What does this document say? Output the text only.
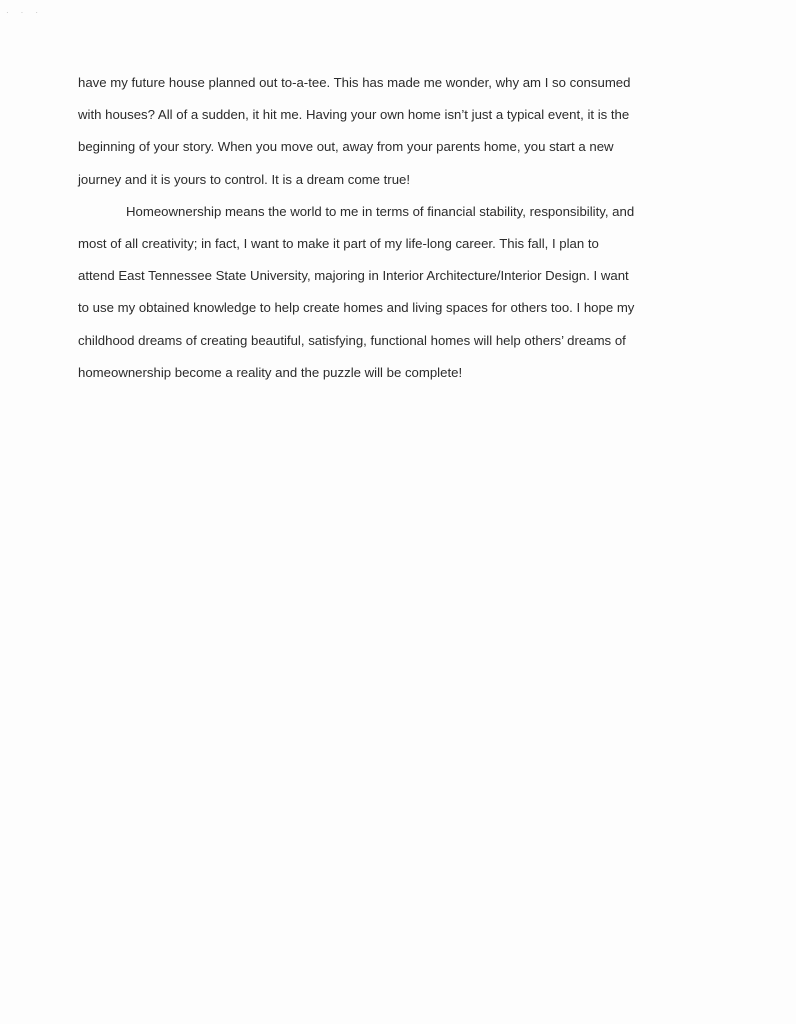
···
have my future house planned out to-a-tee. This has made me wonder, why am I so consumed
with houses? All of a sudden, it hit me. Having your own home isn’t just a typical event, it is the
beginning of your story. When you move out, away from your parents home, you start a new
journey and it is yours to control. It is a dream come true!
Homeownership means the world to me in terms of financial stability, responsibility, and
most of all creativity; in fact, I want to make it part of my life-long career. This fall, I plan to
attend East Tennessee State University, majoring in Interior Architecture/Interior Design. I want
to use my obtained knowledge to help create homes and living spaces for others too. I hope my
childhood dreams of creating beautiful, satisfying, functional homes will help others’ dreams of
homeownership become a reality and the puzzle will be complete!
